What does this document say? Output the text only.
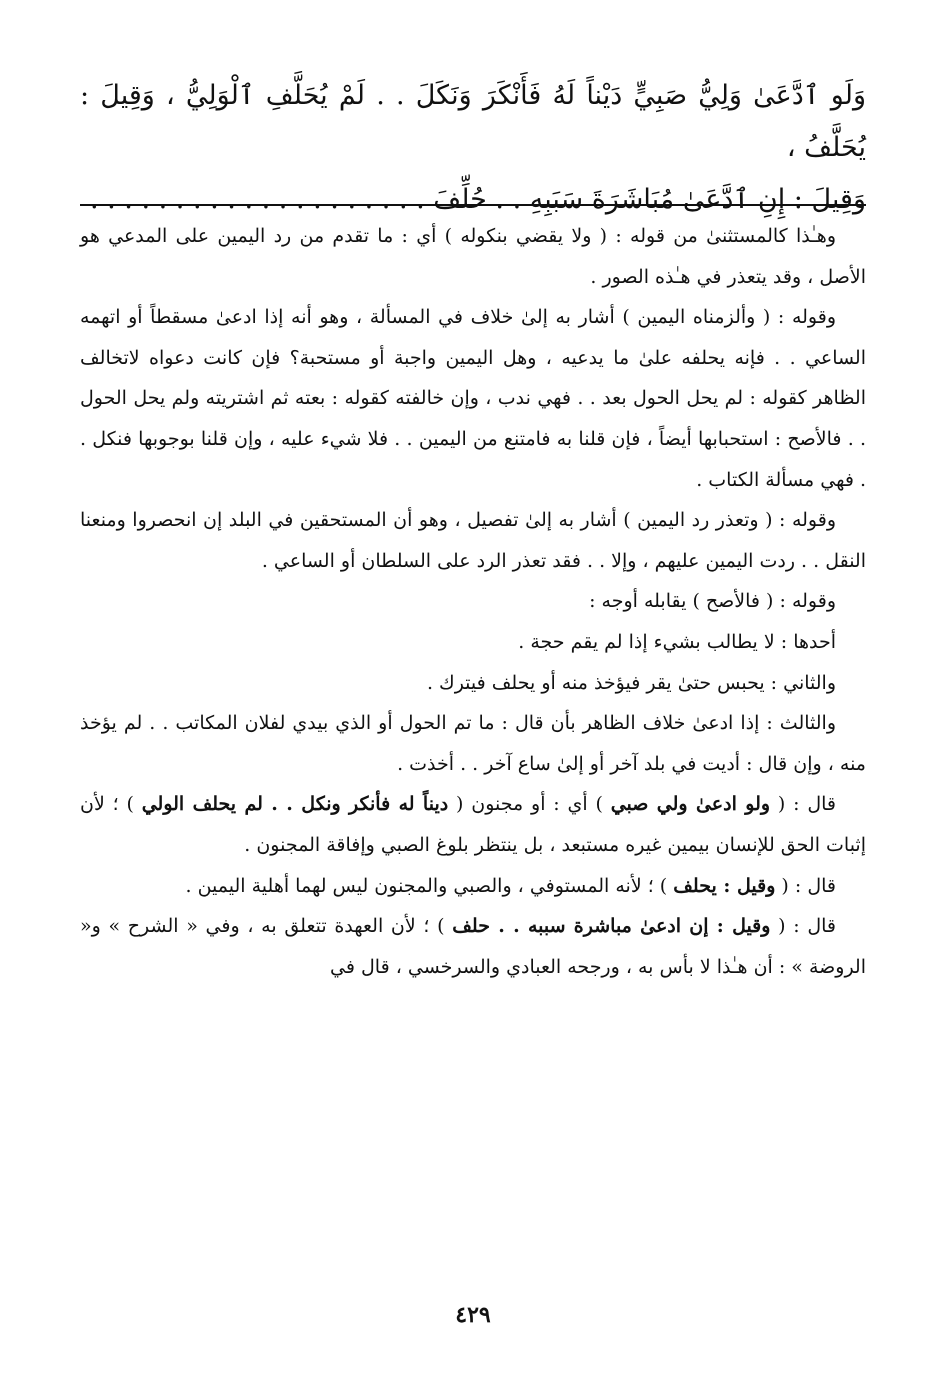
وَلَو ٱدَّعَىٰ وَلِيُّ صَبِيٍّ دَيْناً لَهُ فَأَنْكَرَ وَنَكَلَ . . لَمْ يُحَلَّفِ ٱلْوَلِيُّ ، وَقِيلَ : يُحَلَّفُ ،

وَقِيلَ : إِنِ ٱدَّعَىٰ مُبَاشَرَةَ سَبَبِهِ . . حُلِّفَ . . . . . . . . . . . . . . . . . . . .

وهـٰذا كالمستثنىٰ من قوله : ( ولا يقضي بنكوله ) أي : ما تقدم من رد اليمين على المدعي هو الأصل ، وقد يتعذر في هـٰذه الصور .

وقوله : ( وألزمناه اليمين ) أشار به إلىٰ خلاف في المسألة ، وهو أنه إذا ادعىٰ مسقطاً أو اتهمه الساعي . . فإنه يحلفه علىٰ ما يدعيه ، وهل اليمين واجبة أو مستحبة؟ فإن كانت دعواه لاتخالف الظاهر كقوله : لم يحل الحول بعد . . فهي ندب ، وإن خالفته كقوله : بعته ثم اشتريته ولم يحل الحول . . فالأصح : استحبابها أيضاً ، فإن قلنا به فامتنع من اليمين . . فلا شيء عليه ، وإن قلنا بوجوبها فنكل . . فهي مسألة الكتاب .

وقوله : ( وتعذر رد اليمين ) أشار به إلىٰ تفصيل ، وهو أن المستحقين في البلد إن انحصروا ومنعنا النقل . . ردت اليمين عليهم ، وإلا . . فقد تعذر الرد على السلطان أو الساعي .

وقوله : ( فالأصح ) يقابله أوجه :

أحدها : لا يطالب بشيء إذا لم يقم حجة .

والثاني : يحبس حتىٰ يقر فيؤخذ منه أو يحلف فيترك .

والثالث : إذا ادعىٰ خلاف الظاهر بأن قال : ما تم الحول أو الذي بيدي لفلان المكاتب . . لم يؤخذ منه ، وإن قال : أديت في بلد آخر أو إلىٰ ساع آخر . . أخذت .

قال : ( ولو ادعىٰ ولي صبي ) أي : أو مجنون ( ديناً له فأنكر ونكل . . لم يحلف الولي ) ؛ لأن إثبات الحق للإنسان بيمين غيره مستبعد ، بل ينتظر بلوغ الصبي وإفاقة المجنون .

قال : ( وقيل : يحلف ) ؛ لأنه المستوفي ، والصبي والمجنون ليس لهما أهلية اليمين .

قال : ( وقيل : إن ادعىٰ مباشرة سببه . . حلف ) ؛ لأن العهدة تتعلق به ، وفي « الشرح » و« الروضة » : أن هـٰذا لا بأس به ، ورجحه العبادي والسرخسي ، قال في

٤٢٩
